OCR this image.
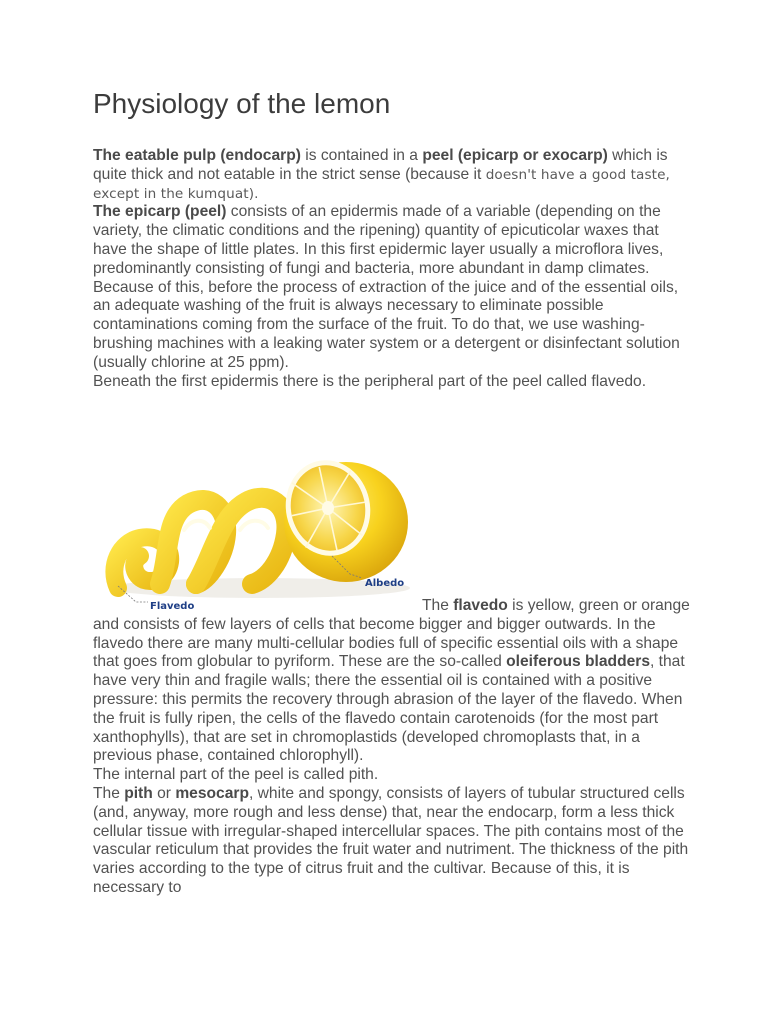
Physiology of the lemon

The eatable pulp (endocarp) is contained in a peel (epicarp or exocarp) which is quite thick and not eatable in the strict sense (because it doesn't have a good taste, except in the kumquat).

The epicarp (peel) consists of an epidermis made of a variable (depending on the variety, the climatic conditions and the ripening) quantity of epicuticolar waxes that have the shape of little plates. In this first epidermic layer usually a microflora lives, predominantly consisting of fungi and bacteria, more abundant in damp climates. Because of this, before the process of extraction of the juice and of the essential oils, an adequate washing of the fruit is always necessary to eliminate possible contaminations coming from the surface of the fruit. To do that, we use washing-brushing machines with a leaking water system or a detergent or disinfectant solution (usually chlorine at 25 ppm).

Beneath the first epidermis there is the peripheral part of the peel called flavedo.

Flavedo
Albedo

The flavedo is yellow, green or orange and consists of few layers of cells that become bigger and bigger outwards. In the flavedo there are many multi-cellular bodies full of specific essential oils with a shape that goes from globular to pyriform. These are the so-called oleiferous bladders, that have very thin and fragile walls; there the essential oil is contained with a positive pressure: this permits the recovery through abrasion of the layer of the flavedo. When the fruit is fully ripen, the cells of the flavedo contain carotenoids (for the most part xanthophylls), that are set in chromoplastids (developed chromoplasts that, in a previous phase, contained chlorophyll).

The internal part of the peel is called pith.

The pith or mesocarp, white and spongy, consists of layers of tubular structured cells (and, anyway, more rough and less dense) that, near the endocarp, form a less thick cellular tissue with irregular-shaped intercellular spaces. The pith contains most of the vascular reticulum that provides the fruit water and nutriment. The thickness of the pith varies according to the type of citrus fruit and the cultivar. Because of this, it is necessary to
